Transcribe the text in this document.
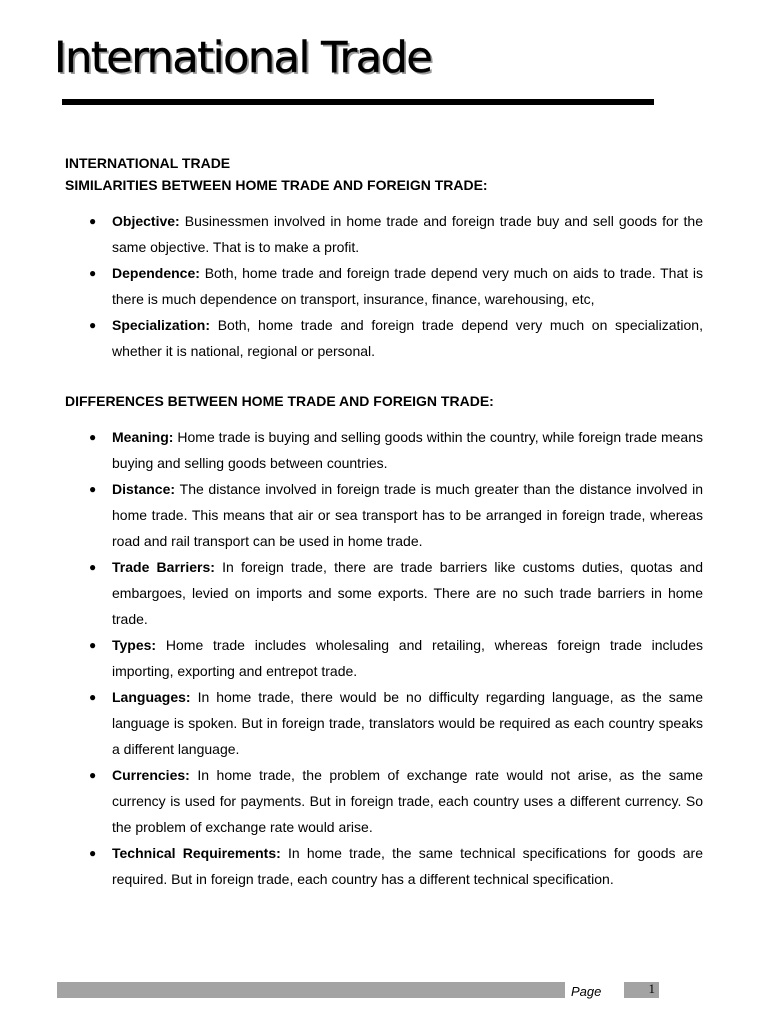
International Trade
INTERNATIONAL TRADE
SIMILARITIES BETWEEN HOME TRADE AND FOREIGN TRADE:
● Objective: Businessmen involved in home trade and foreign trade buy and sell goods for the same objective. That is to make a profit.
● Dependence: Both, home trade and foreign trade depend very much on aids to trade. That is there is much dependence on transport, insurance, finance, warehousing, etc,
● Specialization: Both, home trade and foreign trade depend very much on specialization, whether it is national, regional or personal.
DIFFERENCES BETWEEN HOME TRADE AND FOREIGN TRADE:
● Meaning: Home trade is buying and selling goods within the country, while foreign trade means buying and selling goods between countries.
● Distance: The distance involved in foreign trade is much greater than the distance involved in home trade. This means that air or sea transport has to be arranged in foreign trade, whereas road and rail transport can be used in home trade.
● Trade Barriers: In foreign trade, there are trade barriers like customs duties, quotas and embargoes, levied on imports and some exports. There are no such trade barriers in home trade.
● Types: Home trade includes wholesaling and retailing, whereas foreign trade includes importing, exporting and entrepot trade.
● Languages: In home trade, there would be no difficulty regarding language, as the same language is spoken. But in foreign trade, translators would be required as each country speaks a different language.
● Currencies: In home trade, the problem of exchange rate would not arise, as the same currency is used for payments. But in foreign trade, each country uses a different currency. So the problem of exchange rate would arise.
● Technical Requirements: In home trade, the same technical specifications for goods are required. But in foreign trade, each country has a different technical specification.
Page	1
